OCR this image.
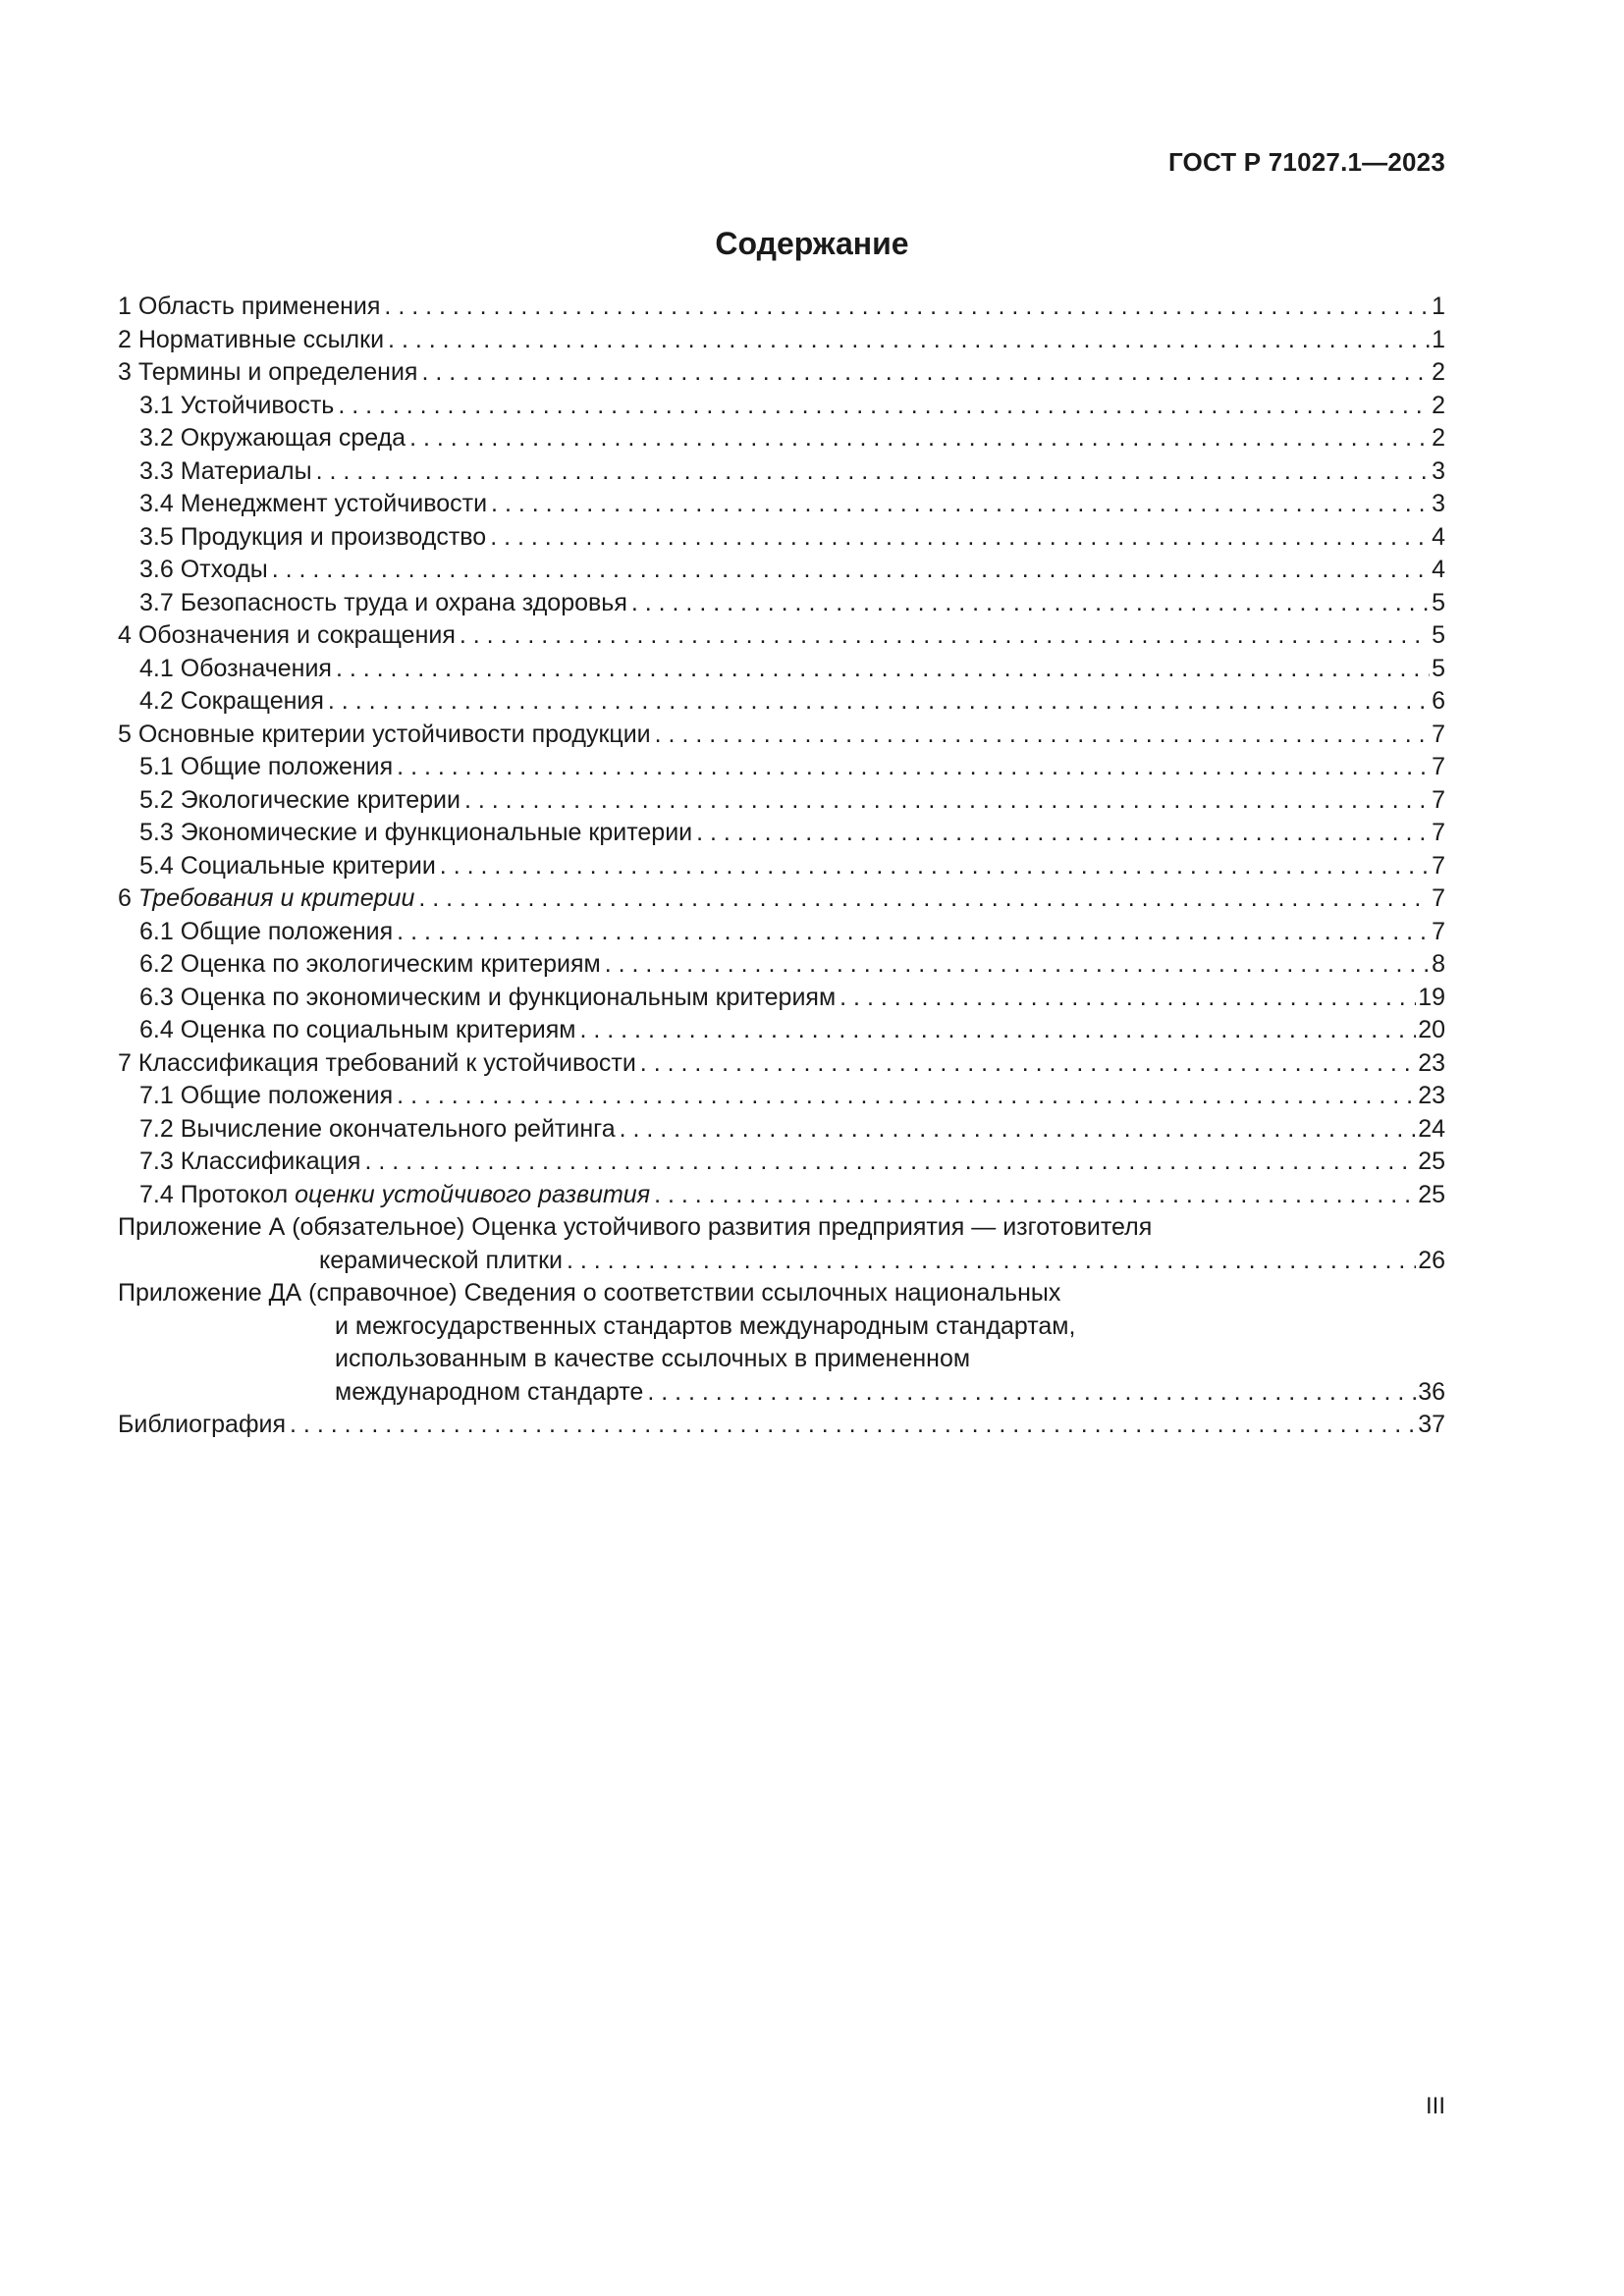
ГОСТ Р 71027.1—2023
Содержание
1 Область применения . . .	1
2 Нормативные ссылки . . .	1
3 Термины и определения . . .	2
3.1 Устойчивость . . .	2
3.2 Окружающая среда . . .	2
3.3 Материалы . . .	3
3.4 Менеджмент устойчивости . . .	3
3.5 Продукция и производство . . .	4
3.6 Отходы . . .	4
3.7 Безопасность труда и охрана здоровья . . .	5
4 Обозначения и сокращения . . .	5
4.1 Обозначения . . .	5
4.2 Сокращения . . .	6
5 Основные критерии устойчивости продукции . . .	7
5.1 Общие положения . . .	7
5.2 Экологические критерии . . .	7
5.3 Экономические и функциональные критерии . . .	7
5.4 Социальные критерии . . .	7
6 Требования и критерии . . .	7
6.1 Общие положения . . .	7
6.2 Оценка по экологическим критериям . . .	8
6.3 Оценка по экономическим и функциональным критериям . . .	19
6.4 Оценка по социальным критериям . . .	20
7 Классификация требований к устойчивости . . .	23
7.1 Общие положения . . .	23
7.2 Вычисление окончательного рейтинга . . .	24
7.3 Классификация . . .	25
7.4 Протокол оценки устойчивого развития . . .	25
Приложение А (обязательное) Оценка устойчивого развития предприятия — изготовителя
керамической плитки . . .	26
Приложение ДА (справочное) Сведения о соответствии ссылочных национальных
и межгосударственных стандартов международным стандартам,
использованным в качестве ссылочных в примененном
международном стандарте . . .	36
Библиография . . .	37
III
